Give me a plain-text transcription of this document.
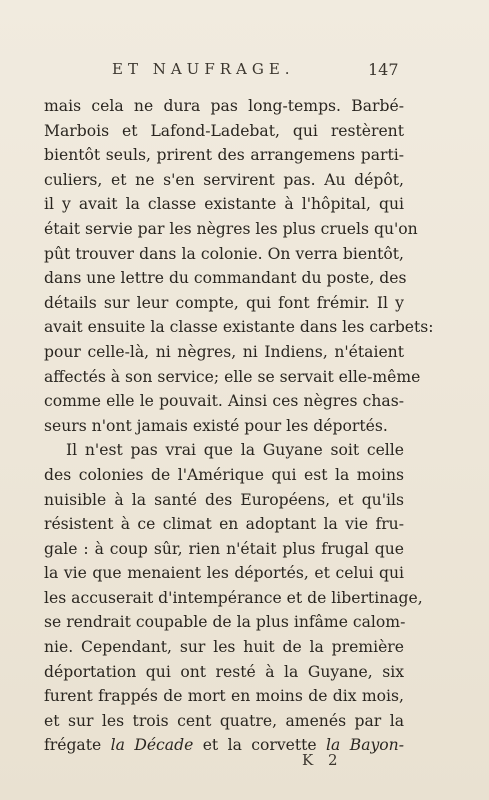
ET NAUFRAGE.	147
mais cela ne dura pas long-temps. Barbé-
Marbois et Lafond-Ladebat, qui restèrent
bientôt seuls, prirent des arrangemens parti-
culiers, et ne s'en servirent pas. Au dépôt,
il y avait la classe existante à l'hôpital, qui
était servie par les nègres les plus cruels qu'on
pût trouver dans la colonie. On verra bientôt,
dans une lettre du commandant du poste, des
détails sur leur compte, qui font frémir. Il y
avait ensuite la classe existante dans les carbets:
pour celle-là, ni nègres, ni Indiens, n'étaient
affectés à son service; elle se servait elle-même
comme elle le pouvait. Ainsi ces nègres chas-
seurs n'ont jamais existé pour les déportés.
Il n'est pas vrai que la Guyane soit celle
des colonies de l'Amérique qui est la moins
nuisible à la santé des Européens, et qu'ils
résistent à ce climat en adoptant la vie fru-
gale : à coup sûr, rien n'était plus frugal que
la vie que menaient les déportés, et celui qui
les accuserait d'intempérance et de libertinage,
se rendrait coupable de la plus infâme calom-
nie. Cependant, sur les huit de la première
déportation qui ont resté à la Guyane, six
furent frappés de mort en moins de dix mois,
et sur les trois cent quatre, amenés par la
frégate la Décade et la corvette la Bayon-
K 2
